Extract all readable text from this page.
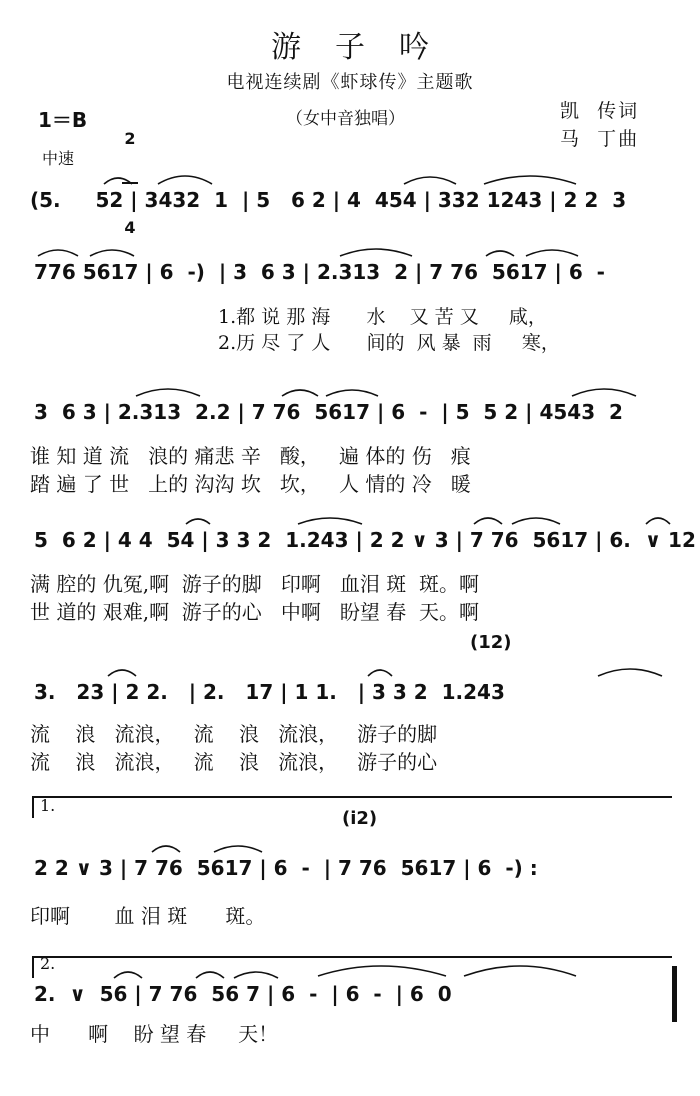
游子吟
电视连续剧《虾球传》主题歌
1＝B

2

4

（女中音独唱）	凯  传词
马  丁曲
中速
(5.     52 | 3432  1  | 5   6 2 | 4  454 | 332 1243 | 2 2  3
776 5617 | 6  -)  | 3  6 3 | 2.313  2 | 7 76  5617 | 6  -
1.都 说 那 海      水    又 苦 又     咸，
2.历 尽 了 人      间的  风 暴  雨     寒，
3  6 3 | 2.313  2.2 | 7 76  5617 | 6  -  | 5  5 2 | 4543  2
谁 知 道 流   浪的 痛悲 辛   酸，   遍 体的 伤   痕
踏 遍 了 世   上的 沟沟 坎   坎，   人 情的 冷   暖
5  6 2 | 4 4  54 | 3 3 2  1.243 | 2 2 ∨ 3 | 7 76  5617 | 6.  ∨ 12
满 腔的 仇冤,啊  游子的脚   印啊   血泪 斑  斑。啊
世 道的 艰难,啊  游子的心   中啊   盼望 春  天。啊
(12)
3.   23 | 2 2.   | 2.   17 | 1 1.   | 3 3 2  1.243
流    浪   流浪，   流    浪   流浪，   游子的脚
流    浪   流浪，   流    浪   流浪，   游子的心
1.
(i2)
2 2 ∨ 3 | 7 76  5617 | 6  -  | 7 76  5617 | 6  -) :
印啊       血 泪 斑      斑。
2.
2.  ∨  56 | 7 76  56 7 | 6  -  | 6  -  | 6  0
中      啊    盼 望 春     天！
